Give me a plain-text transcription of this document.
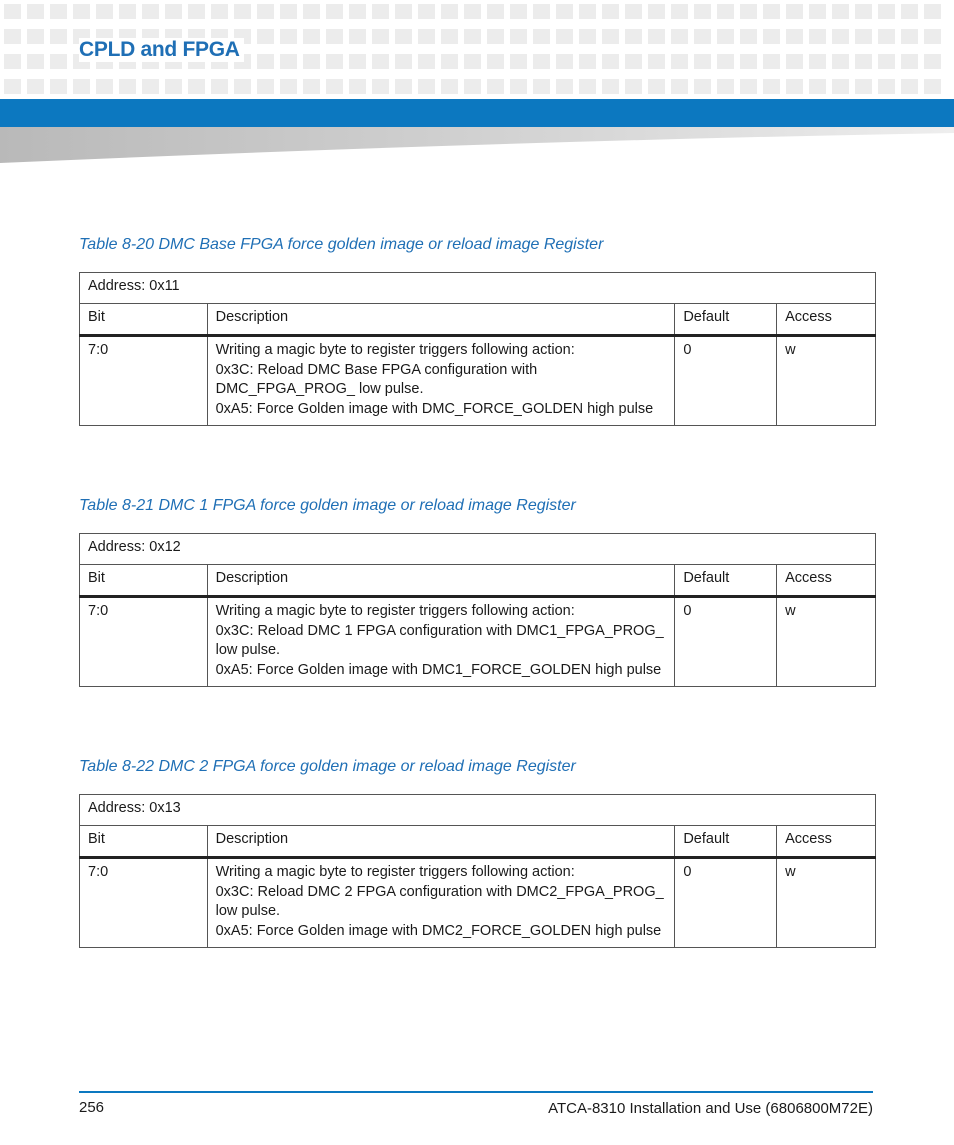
CPLD and FPGA
Table 8-20 DMC Base FPGA force golden image or reload image Register
Address: 0x11			
Bit	Description	Default	Access
7:0	Writing a magic byte to register triggers following action:
0x3C: Reload DMC Base FPGA configuration with
DMC_FPGA_PROG_ low pulse.
0xA5: Force Golden image with DMC_FORCE_GOLDEN high pulse	0	w
Table 8-21 DMC 1 FPGA force golden image or reload image Register
Address: 0x12			
Bit	Description	Default	Access
7:0	Writing a magic byte to register triggers following action:
0x3C: Reload DMC 1 FPGA configuration with DMC1_FPGA_PROG_
low pulse.
0xA5: Force Golden image with DMC1_FORCE_GOLDEN high pulse	0	w
Table 8-22 DMC 2 FPGA force golden image or reload image Register
Address: 0x13			
Bit	Description	Default	Access
7:0	Writing a magic byte to register triggers following action:
0x3C: Reload DMC 2 FPGA configuration with DMC2_FPGA_PROG_
low pulse.
0xA5: Force Golden image with DMC2_FORCE_GOLDEN high pulse	0	w
256	ATCA-8310 Installation and Use (6806800M72E)
